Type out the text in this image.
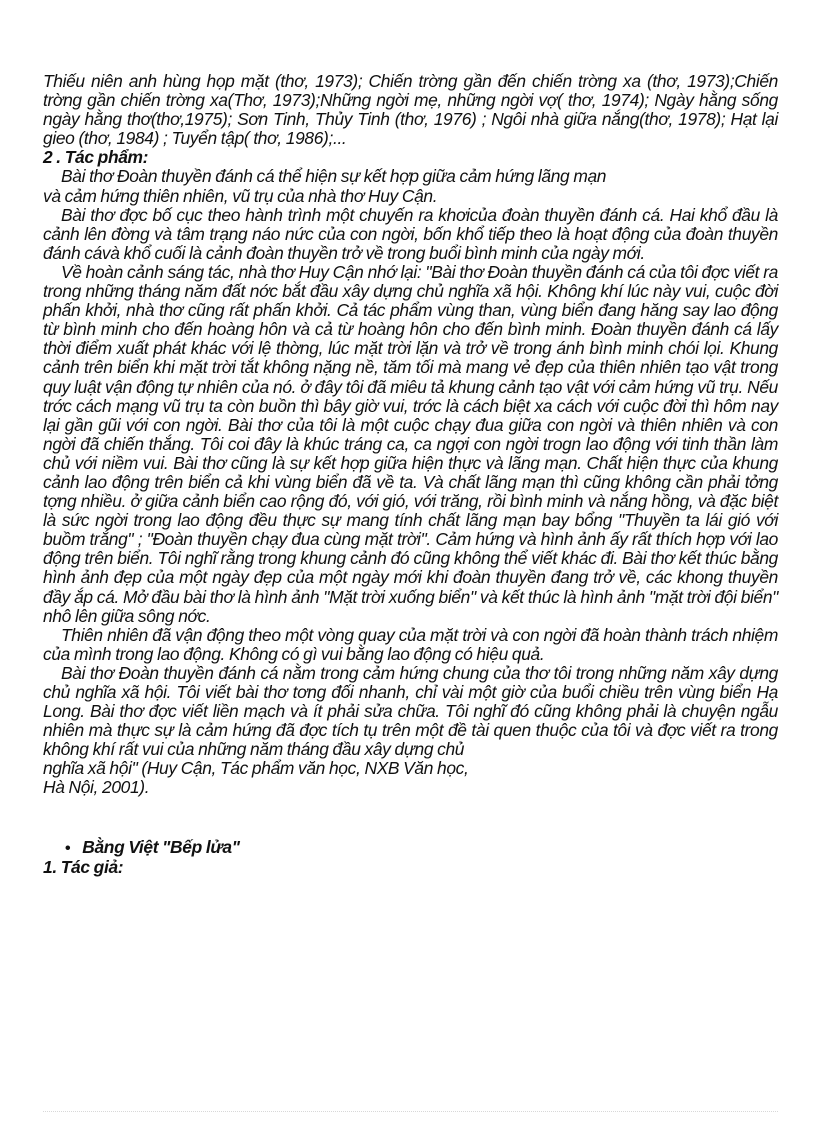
Thiếu niên anh hùng họp mặt (thơ, 1973); Chiến trờng gần đến chiến trờng xa (thơ, 1973);Chiến trờng gần chiến trờng xa(Thơ, 1973);Những ngời mẹ, những ngời vợ( thơ, 1974); Ngày hằng sống ngày hằng thơ(thơ,1975); Sơn Tinh, Thủy Tinh (thơ, 1976) ; Ngôi nhà giữa nắng(thơ, 1978); Hạt lại gieo (thơ, 1984) ; Tuyển tập( thơ, 1986);...

2 . Tác phẩm:
Bài thơ Đoàn thuyền đánh cá thể hiện sự kết hợp giữa cảm hứng lãng mạn
và cảm hứng thiên nhiên, vũ trụ của nhà thơ Huy Cận.

Bài thơ đợc bố cục theo hành trình một chuyến ra khơicủa đoàn thuyền đánh cá. Hai khổ đầu là cảnh lên đờng và tâm trạng náo nức của con ngời, bốn khổ tiếp theo là hoạt động của đoàn thuyền đánh cávà khổ cuối là cảnh đoàn thuyền trở về trong buổi bình minh của ngày mới.

Về hoàn cảnh sáng tác, nhà thơ Huy Cận nhớ lại: "Bài thơ Đoàn thuyền đánh cá của tôi đợc viết ra trong những tháng năm đất nớc bắt đầu xây dựng chủ nghĩa xã hội. Không khí lúc này vui, cuộc đời phấn khởi, nhà thơ cũng rất phấn khởi. Cả tác phẩm vùng than, vùng biển đang hăng say lao động từ bình minh cho đến hoàng hôn và cả từ hoàng hôn cho đến bình minh. Đoàn thuyền đánh cá lấy thời điểm xuất phát khác với lệ thờng, lúc mặt trời lặn và trở về trong ánh bình minh chói lọi. Khung cảnh trên biển khi mặt trời tắt không nặng nề, tăm tối mà mang vẻ đẹp của thiên nhiên tạo vật trong quy luật vận động tự nhiên của nó. ở đây tôi đã miêu tả khung cảnh tạo vật với cảm hứng vũ trụ. Nếu trớc cách mạng vũ trụ ta còn buồn thì bây giờ vui, trớc là cách biệt xa cách với cuộc đời thì hôm nay lại gần gũi với con ngời. Bài thơ của tôi là một cuộc chạy đua giữa con ngời và thiên nhiên và con ngời đã chiến thắng. Tôi coi đây là khúc tráng ca, ca ngợi con ngời trogn lao động với tinh thần làm chủ với niềm vui. Bài thơ cũng là sự kết hợp giữa hiện thực và lãng mạn. Chất hiện thực của khung cảnh lao động trên biển cả khi vùng biển đã về ta. Và chất lãng mạn thì cũng không cần phải tởng tợng nhiều. ở giữa cảnh biển cao rộng đó, với gió, với trăng, rồi bình minh và nắng hồng, và đặc biệt là sức ngời trong lao động đều thực sự mang tính chất lãng mạn bay bổng "Thuyền ta lái gió với buồm trắng" ; "Đoàn thuyền chạy đua cùng mặt trời". Cảm hứng và hình ảnh ấy rất thích hợp với lao động trên biển. Tôi nghĩ rằng trong khung cảnh đó cũng không thể viết khác đi. Bài thơ kết thúc bằng hình ảnh đẹp của một ngày đẹp của một ngày mới khi đoàn thuyền đang trở về, các khong thuyền đầy ắp cá. Mở đầu bài thơ là hình ảnh "Mặt trời xuống biển" và kết thúc là hình ảnh "mặt trời đội biển" nhô lên giữa sông nớc.

Thiên nhiên đã vận động theo một vòng quay của mặt trời và con ngời đã hoàn thành trách nhiệm của mình trong lao động. Không có gì vui bằng lao động có hiệu quả.

Bài thơ Đoàn thuyền đánh cá nằm trong cảm hứng chung của thơ tôi trong những năm xây dựng chủ nghĩa xã hội. Tôi viết bài thơ tơng đối nhanh, chỉ vài một giờ của buổi chiều trên vùng biển Hạ Long. Bài thơ đợc viết liền mạch và ít phải sửa chữa. Tôi nghĩ đó cũng không phải là chuyện ngẫu nhiên mà thực sự là cảm hứng đã đợc tích tụ trên một đề tài quen thuộc của tôi và đợc viết ra trong không khí rất vui của những năm tháng đầu xây dựng chủ

nghĩa xã hội" (Huy Cận, Tác phẩm văn học, NXB Văn học,
Hà Nội, 2001).
• Bằng Việt "Bếp lửa"
1. Tác giả:
